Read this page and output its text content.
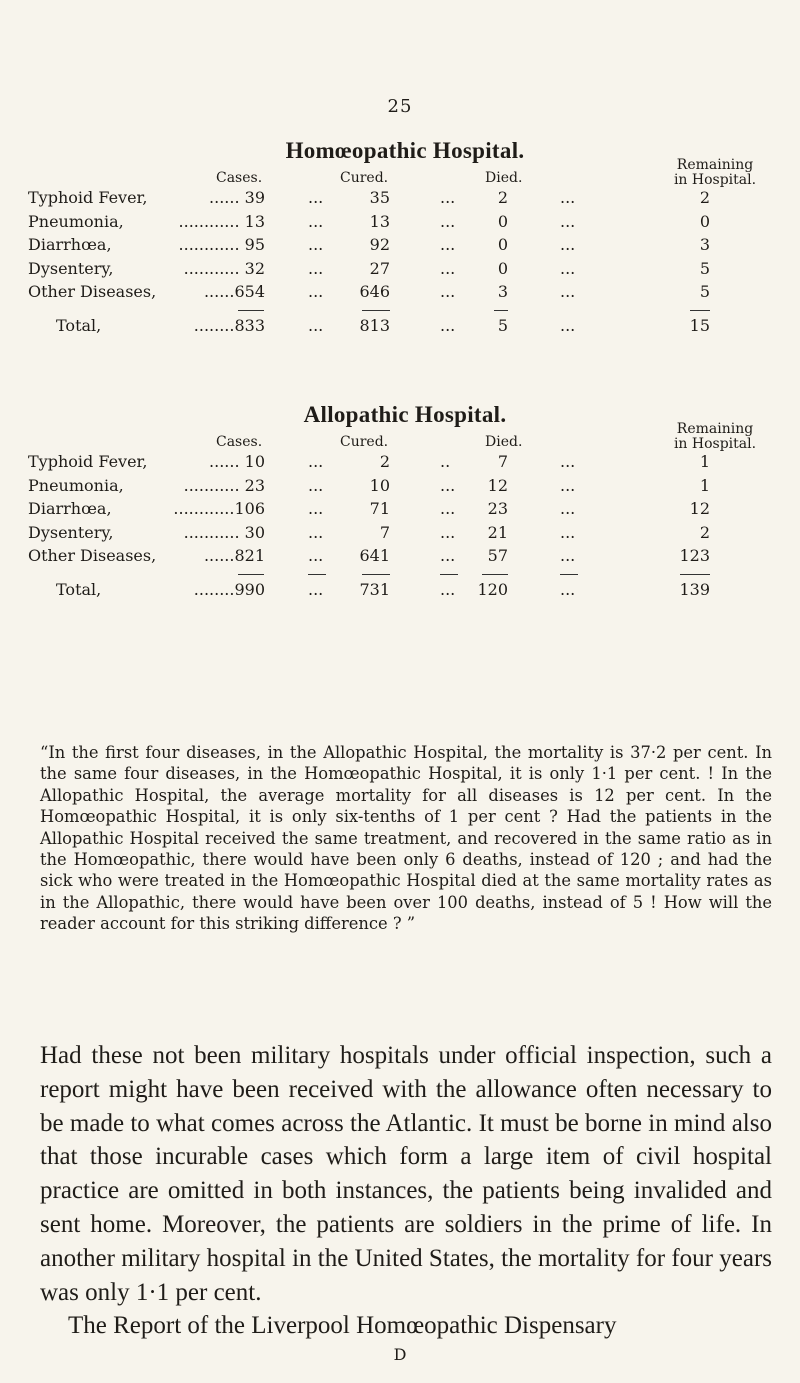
25
Homœopathic Hospital.
Cases.	Cured.	Died.
Remaining
in Hospital.
Typhoid Fever,	...... 39	...	35	...	2	...	2
Pneumonia,	............ 13	...	13	...	0	...	0
Diarrhœa,	............ 95	...	92	...	0	...	3
Dysentery,	........... 32	...	27	...	0	...	5
Other Diseases,	......654	...	646	...	3	...	5
Total,	........833	...	813	...	5	...	15
Allopathic Hospital.
Cases.	Cured.	Died.
Remaining
in Hospital.
Typhoid Fever,	...... 10	...	2	..	7	...	1
Pneumonia,	........... 23	...	10	...	12	...	1
Diarrhœa,	............106	...	71	...	23	...	12
Dysentery,	........... 30	...	7	...	21	...	2
Other Diseases,	......821	...	641	...	57	...	123
Total,	........990	...	731	...	120	...	139

“In the first four diseases, in the Allopathic Hospital, the mortality is 37·2 per cent. In the same four diseases, in the Homœopathic Hospital, it is only 1·1 per cent. ! In the Allopathic Hospital, the average mortality for all diseases is 12 per cent. In the Homœopathic Hospital, it is only six-tenths of 1 per cent ? Had the patients in the Allopathic Hospital received the same treatment, and recovered in the same ratio as in the Homœopathic, there would have been only 6 deaths, instead of 120 ; and had the sick who were treated in the Homœopathic Hospital died at the same mortality rates as in the Allopathic, there would have been over 100 deaths, instead of 5 ! How will the reader account for this striking difference ? ”

Had these not been military hospitals under official inspection, such a report might have been received with the allowance often necessary to be made to what comes across the Atlantic. It must be borne in mind also that those incurable cases which form a large item of civil hospital practice are omitted in both instances, the patients being invalided and sent home. Moreover, the patients are soldiers in the prime of life. In another military hospital in the United States, the mortality for four years was only 1·1 per cent.
The Report of the Liverpool Homœopathic Dispensary

D
